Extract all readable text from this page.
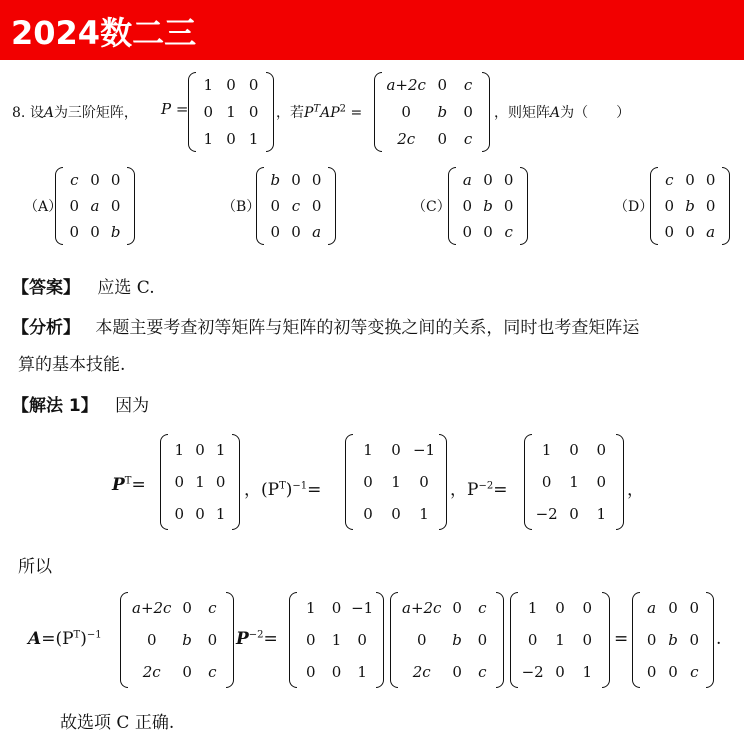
2024数二三
8. 设A为三阶矩阵， P =
1 0 0
0 1 0
1 0 1
，若$P^TAP^2$ =
a+2c 0 c
0 b 0
2c 0 c
，则矩阵A为（　　）
（A）
c 0 0
0 a 0
0 0 b
（B）
b 0 0
0 c 0
0 0 a
（C）
a 0 0
0 b 0
0 0 c
（D）
c 0 0
0 b 0
0 0 a
【答案】 应选 C.
【分析】 本题主要考查初等矩阵与矩阵的初等变换之间的关系，同时也考查矩阵运
算的基本技能.
【解法 1】 因为
$P^T=$
1 0 1
0 1 0
0 0 1
，$(P^T)^{-1}=$
1 0 −1
0 1 0
0 0 1
，$P^{-2}=$
1 0 0
0 1 0
−2 0 1
，
所以
$A=(P^T)^{-1}$
a+2c 0 c
0 b 0
2c 0 c
$P^{-2}=$
1 0 −1
0 1 0
0 0 1
a+2c 0 c
0 b 0
2c 0 c
1 0 0
0 1 0
−2 0 1
=
a 0 0
0 b 0
0 0 c
.
故选项 C 正确.
